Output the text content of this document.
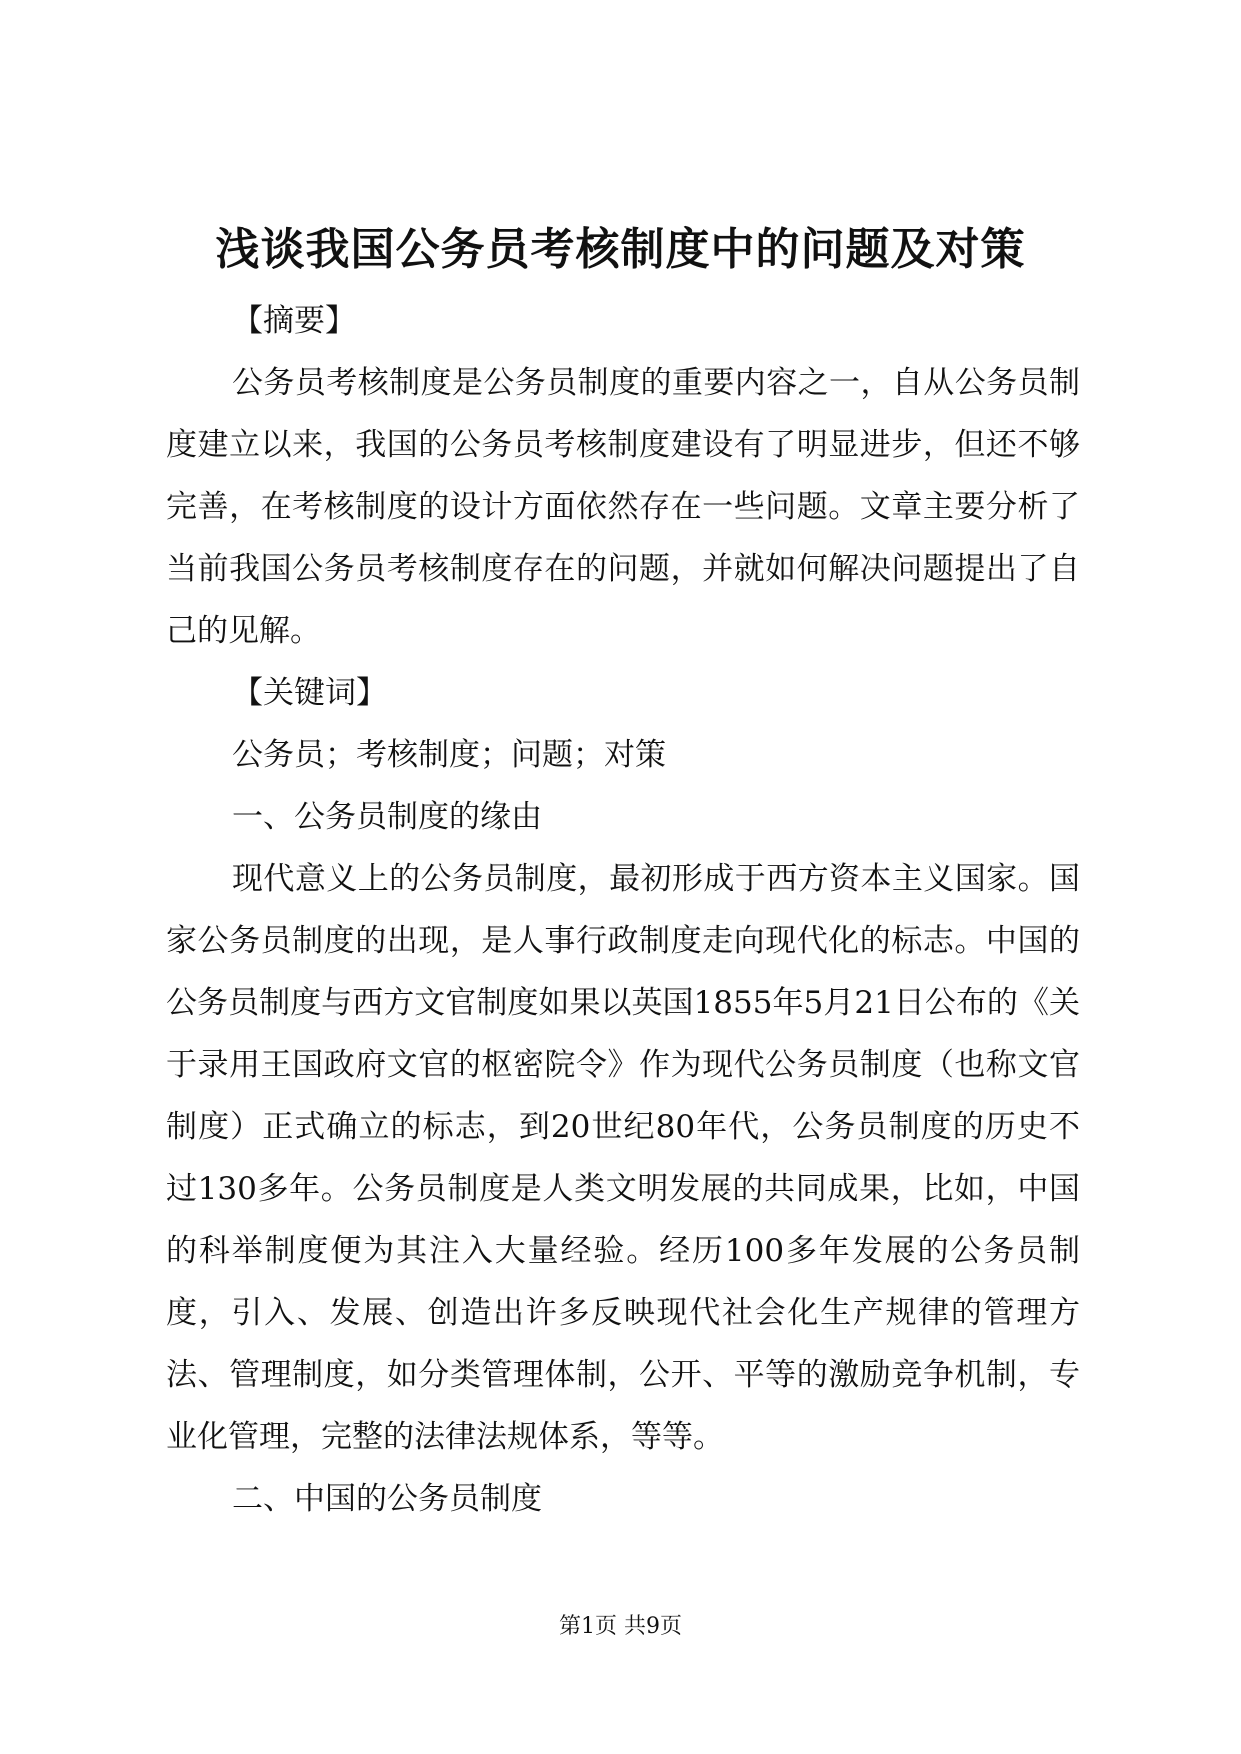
浅谈我国公务员考核制度中的问题及对策

【摘要】

公务员考核制度是公务员制度的重要内容之一，自从公务员制度建立以来，我国的公务员考核制度建设有了明显进步，但还不够完善，在考核制度的设计方面依然存在一些问题。文章主要分析了当前我国公务员考核制度存在的问题，并就如何解决问题提出了自己的见解。

【关键词】

公务员；考核制度；问题；对策

一、公务员制度的缘由

现代意义上的公务员制度，最初形成于西方资本主义国家。国家公务员制度的出现，是人事行政制度走向现代化的标志。中国的公务员制度与西方文官制度如果以英国1855年5月21日公布的《关于录用王国政府文官的枢密院令》作为现代公务员制度（也称文官制度）正式确立的标志，到20世纪80年代，公务员制度的历史不过130多年。公务员制度是人类文明发展的共同成果，比如，中国的科举制度便为其注入大量经验。经历100多年发展的公务员制度，引入、发展、创造出许多反映现代社会化生产规律的管理方法、管理制度，如分类管理体制，公开、平等的激励竞争机制，专业化管理，完整的法律法规体系，等等。

二、中国的公务员制度

第1页 共9页
